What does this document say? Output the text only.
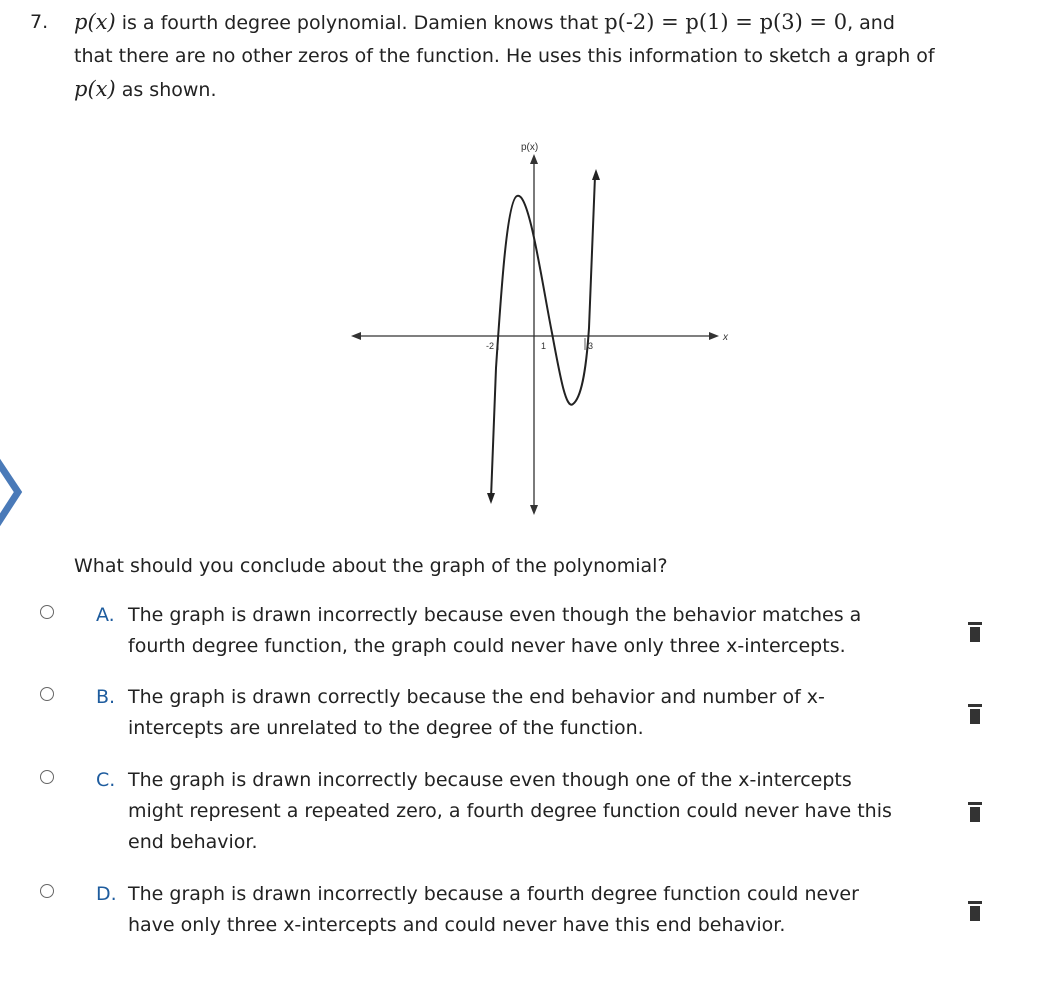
7.	p(x) is a fourth degree polynomial. Damien knows that p(-2) = p(1) = p(3) = 0, and
that there are no other zeros of the function. He uses this information to sketch a graph of
p(x) as shown.
x
p(x)
-2	1	3
What should you conclude about the graph of the polynomial?
A. The graph is drawn incorrectly because even though the behavior matches a
fourth degree function, the graph could never have only three x-intercepts.
B. The graph is drawn correctly because the end behavior and number of x-
intercepts are unrelated to the degree of the function.
C. The graph is drawn incorrectly because even though one of the x-intercepts
might represent a repeated zero, a fourth degree function could never have this
end behavior.
D. The graph is drawn incorrectly because a fourth degree function could never
have only three x-intercepts and could never have this end behavior.
